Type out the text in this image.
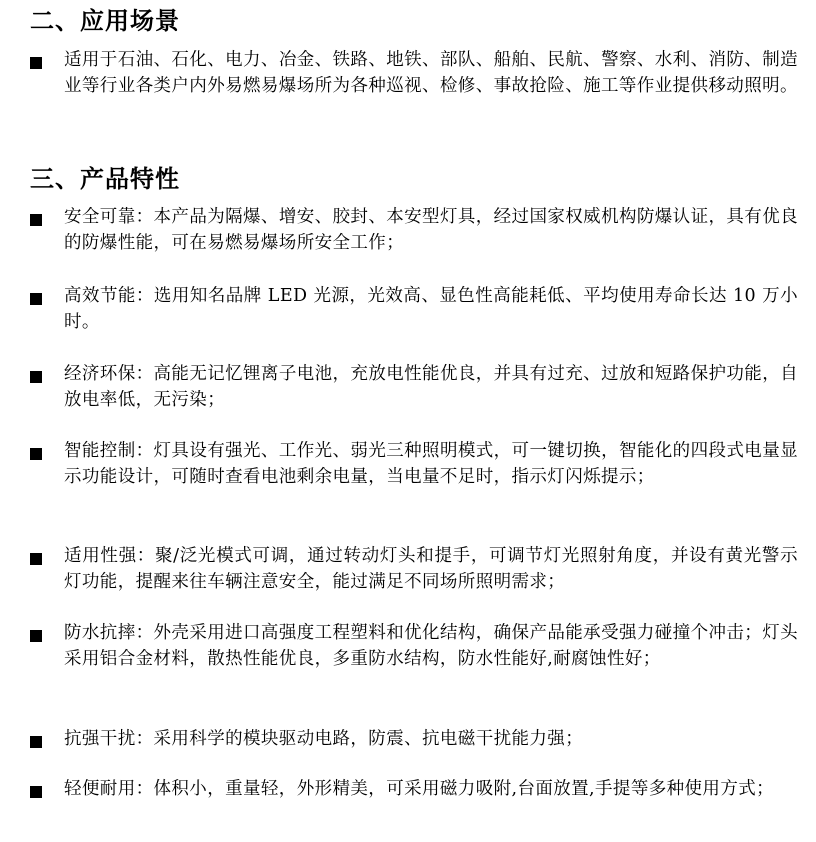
二、应用场景
适用于石油、石化、电力、冶金、铁路、地铁、部队、船舶、民航、警察、水利、消防、制造业等行业各类户内外易燃易爆场所为各种巡视、检修、事故抢险、施工等作业提供移动照明。
三、产品特性
安全可靠：本产品为隔爆、增安、胶封、本安型灯具，经过国家权威机构防爆认证，具有优良的防爆性能，可在易燃易爆场所安全工作；
高效节能：选用知名品牌 LED 光源，光效高、显色性高能耗低、平均使用寿命长达 10 万小时。
经济环保：高能无记忆锂离子电池，充放电性能优良，并具有过充、过放和短路保护功能，自放电率低，无污染；
智能控制：灯具设有强光、工作光、弱光三种照明模式，可一键切换，智能化的四段式电量显示功能设计，可随时查看电池剩余电量，当电量不足时，指示灯闪烁提示；
适用性强：聚/泛光模式可调，通过转动灯头和提手，可调节灯光照射角度，并设有黄光警示灯功能，提醒来往车辆注意安全，能过满足不同场所照明需求；
防水抗摔：外壳采用进口高强度工程塑料和优化结构，确保产品能承受强力碰撞个冲击；灯头采用铝合金材料，散热性能优良，多重防水结构，防水性能好,耐腐蚀性好；
抗强干扰：采用科学的模块驱动电路，防震、抗电磁干扰能力强；
轻便耐用：体积小，重量轻，外形精美，可采用磁力吸附,台面放置,手提等多种使用方式；
